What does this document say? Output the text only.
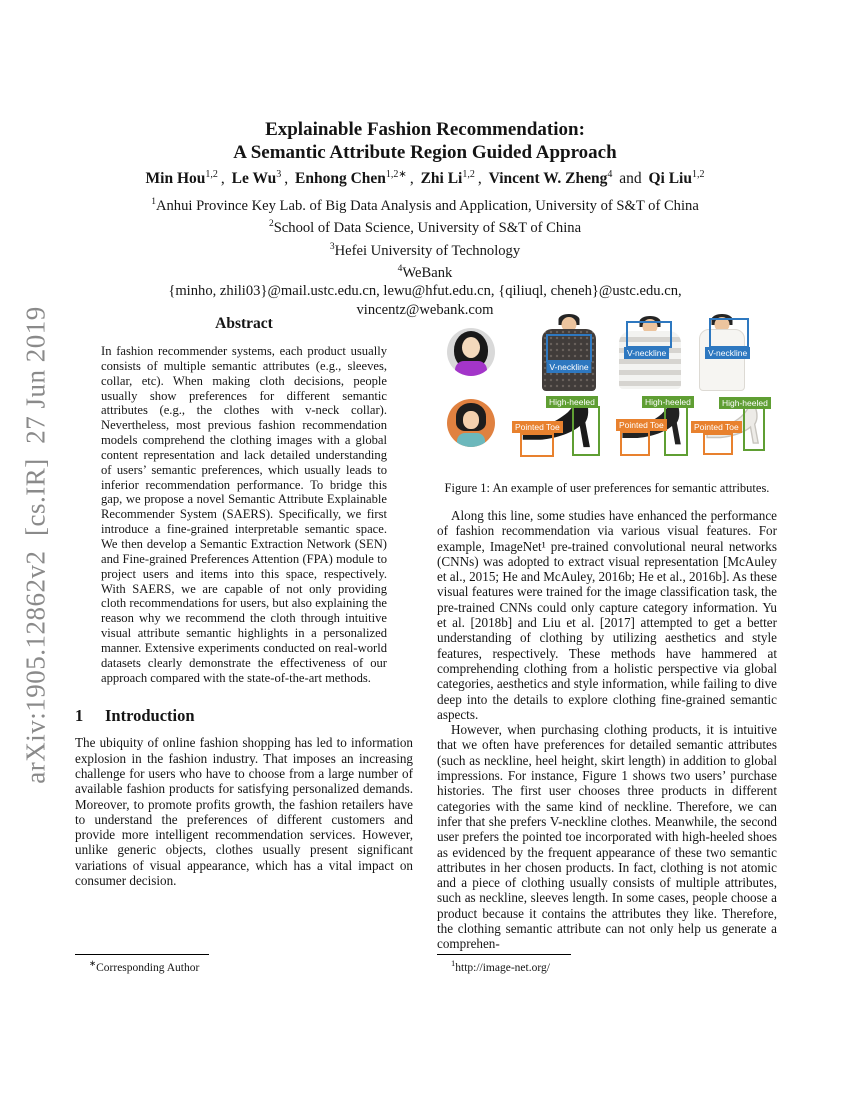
arXiv:1905.12862v2  [cs.IR]  27 Jun 2019
Explainable Fashion Recommendation:
A Semantic Attribute Region Guided Approach
Min Hou$^{1,2}$ , Le Wu$^3$ , Enhong Chen$^{1,2∗}$ , Zhi Li$^{1,2}$ , Vincent W. Zheng$^4$ and Qi Liu$^{1,2}$
$^1$Anhui Province Key Lab. of Big Data Analysis and Application, University of S&T of China
$^2$School of Data Science, University of S&T of China
$^3$Hefei University of Technology
$^4$WeBank
{minho, zhili03}@mail.ustc.edu.cn, lewu@hfut.edu.cn, {qiliuql, cheneh}@ustc.edu.cn,
vincentz@webank.com
Abstract
In fashion recommender systems, each product usually consists of multiple semantic attributes (e.g., sleeves, collar, etc). When making cloth decisions, people usually show preferences for different semantic attributes (e.g., the clothes with v-neck collar). Nevertheless, most previous fashion recommendation models comprehend the clothing images with a global content representation and lack detailed understanding of users’ semantic preferences, which usually leads to inferior recommendation performance. To bridge this gap, we propose a novel Semantic Attribute Explainable Recommender System (SAERS). Specifically, we first introduce a fine-grained interpretable semantic space. We then develop a Semantic Extraction Network (SEN) and Fine-grained Preferences Attention (FPA) module to project users and items into this space, respectively. With SAERS, we are capable of not only providing cloth recommendations for users, but also explaining the reason why we recommend the cloth through intuitive visual attribute semantic highlights in a personalized manner. Extensive experiments conducted on real-world datasets clearly demonstrate the effectiveness of our approach compared with the state-of-the-art methods.
1 Introduction
The ubiquity of online fashion shopping has led to information explosion in the fashion industry. That imposes an increasing challenge for users who have to choose from a large number of available fashion products for satisfying personalized demands. Moreover, to promote profits growth, the fashion retailers have to understand the preferences of different customers and provide more intelligent recommendation services. However, unlike generic objects, clothes usually present significant variations of visual appearance, which has a vital impact on consumer decision.
V-neckline
V-neckline	V-neckline
High-heeled
Pointed Toe
High-heeled
Pointed Toe
High-heeled
Pointed Toe
Figure 1: An example of user preferences for semantic attributes.

Along this line, some studies have enhanced the performance of fashion recommendation via various visual features. For example, ImageNet¹ pre-trained convolutional neural networks (CNNs) was adopted to extract visual representation [McAuley et al., 2015; He and McAuley, 2016b; He et al., 2016b]. As these visual features were trained for the image classification task, the pre-trained CNNs could only capture category information. Yu et al. [2018b] and Liu et al. [2017] attempted to get a better understanding of clothing by utilizing aesthetics and style features, respectively. These methods have hammered at comprehending clothing from a holistic perspective via global categories, aesthetics and style information, while failing to dive deep into the details to explore clothing fine-grained semantic aspects.

However, when purchasing clothing products, it is intuitive that we often have preferences for detailed semantic attributes (such as neckline, heel height, skirt length) in addition to global impressions. For instance, Figure 1 shows two users’ purchase histories. The first user chooses three products in different categories with the same kind of neckline. Therefore, we can infer that she prefers V-neckline clothes. Meanwhile, the second user prefers the pointed toe incorporated with high-heeled shoes as evidenced by the frequent appearance of these two semantic attributes in her chosen products. In fact, clothing is not atomic and a piece of clothing usually consists of multiple attributes, such as neckline, sleeves length. In some cases, people choose a product because it contains the attributes they like. Therefore, the clothing semantic attribute can not only help us generate a comprehen-

∗Corresponding Author	$^1$http://image-net.org/
